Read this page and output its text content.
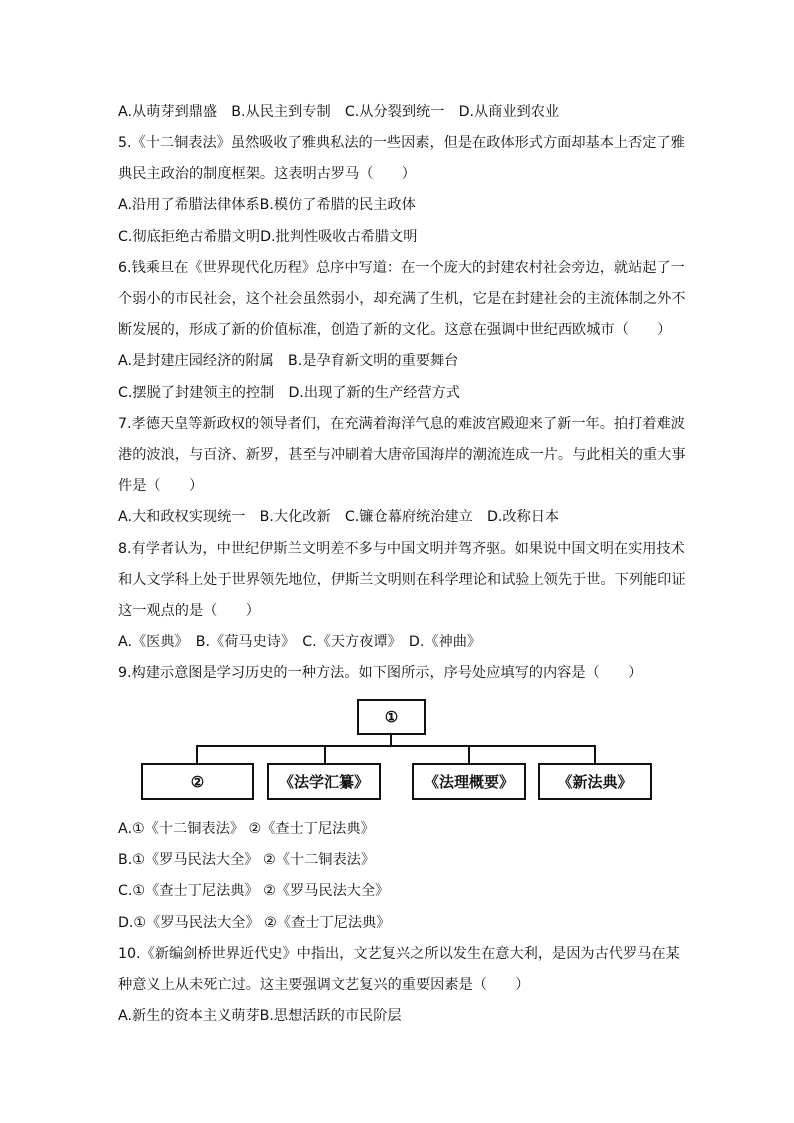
A.从萌芽到鼎盛　B.从民主到专制　C.从分裂到统一　D.从商业到农业
5.《十二铜表法》虽然吸收了雅典私法的一些因素，但是在政体形式方面却基本上否定了雅
典民主政治的制度框架。这表明古罗马（　　）
A.沿用了希腊法律体系B.模仿了希腊的民主政体
C.彻底拒绝古希腊文明D.批判性吸收古希腊文明
6.钱乘旦在《世界现代化历程》总序中写道：在一个庞大的封建农村社会旁边，就站起了一
个弱小的市民社会，这个社会虽然弱小，却充满了生机，它是在封建社会的主流体制之外不
断发展的，形成了新的价值标准，创造了新的文化。这意在强调中世纪西欧城市（　　）
A.是封建庄园经济的附属　B.是孕育新文明的重要舞台
C.摆脱了封建领主的控制　D.出现了新的生产经营方式
7.孝德天皇等新政权的领导者们，在充满着海洋气息的难波宫殿迎来了新一年。拍打着难波
港的波浪，与百济、新罗，甚至与冲刷着大唐帝国海岸的潮流连成一片。与此相关的重大事
件是（　　）
A.大和政权实现统一　B.大化改新　C.镰仓幕府统治建立　D.改称日本
8.有学者认为，中世纪伊斯兰文明差不多与中国文明并驾齐驱。如果说中国文明在实用技术
和人文学科上处于世界领先地位，伊斯兰文明则在科学理论和试验上领先于世。下列能印证
这一观点的是（　　）
A.《医典》　B.《荷马史诗》　C.《天方夜谭》　D.《神曲》
9.构建示意图是学习历史的一种方法。如下图所示，序号处应填写的内容是（　　）
①
②	《法学汇纂》	《法理概要》	《新法典》
A.①《十二铜表法》 ②《查士丁尼法典》
B.①《罗马民法大全》 ②《十二铜表法》
C.①《查士丁尼法典》 ②《罗马民法大全》
D.①《罗马民法大全》 ②《查士丁尼法典》
10.《新编剑桥世界近代史》中指出，文艺复兴之所以发生在意大利，是因为古代罗马在某
种意义上从未死亡过。这主要强调文艺复兴的重要因素是（　　）
A.新生的资本主义萌芽B.思想活跃的市民阶层
